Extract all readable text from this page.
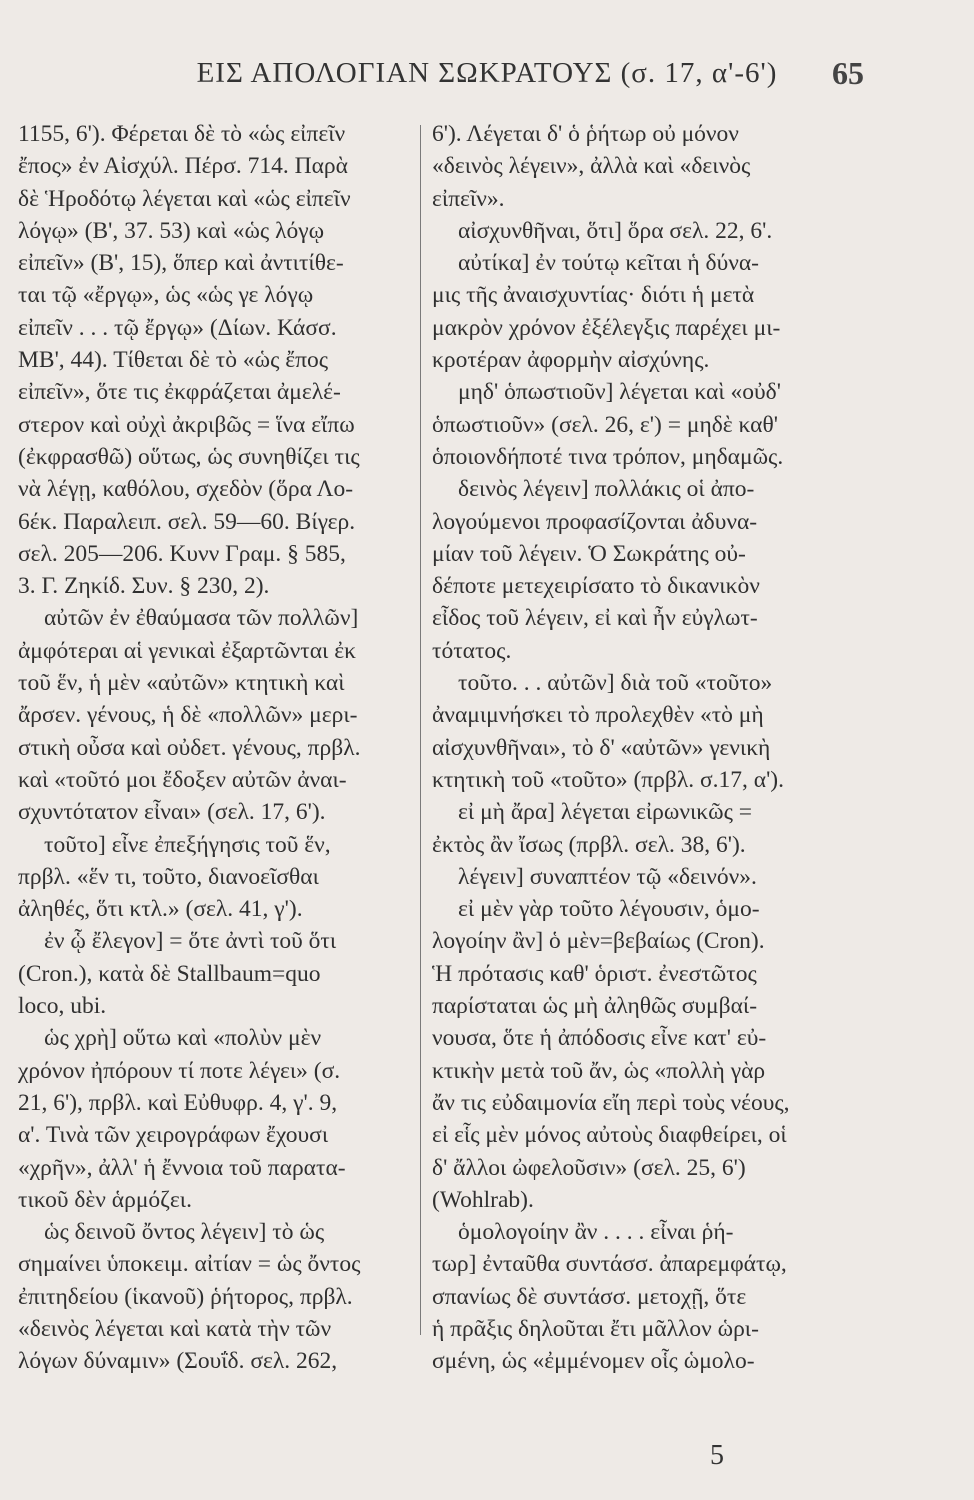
ΕΙΣ ΑΠΟΛΟΓΙΑΝ ΣΩΚΡΑΤΟΥΣ (σ. 17, α'-6') 65
1155, 6'). Φέρεται δὲ τὸ «ὡς εἰπεῖν
ἔπος» ἐν Αἰσχύλ. Πέρσ. 714. Παρὰ
δὲ Ἡροδότῳ λέγεται καὶ «ὡς εἰπεῖν
λόγῳ» (Β', 37. 53) καὶ «ὡς λόγῳ
εἰπεῖν» (Β', 15), ὅπερ καὶ ἀντιτίθε-
ται τῷ «ἔργῳ», ὡς «ὡς γε λόγῳ
εἰπεῖν . . . τῷ ἔργῳ» (Δίων. Κάσσ.
ΜΒ', 44). Τίθεται δὲ τὸ «ὡς ἔπος
εἰπεῖν», ὅτε τις ἐκφράζεται ἀμελέ-
στερον καὶ οὐχὶ ἀκριβῶς = ἵνα εἴπω
(ἐκφρασθῶ) οὕτως, ὡς συνηθίζει τις
νὰ λέγῃ, καθόλου, σχεδὸν (ὅρα Λο-
6έκ. Παραλειπ. σελ. 59—60. Βίγερ.
σελ. 205—206. Κυνν Γραμ. § 585,
3. Γ. Ζηκίδ. Συν. § 230, 2).
αὐτῶν ἐν ἐθαύμασα τῶν πολλῶν]
ἀμφότεραι αἱ γενικαὶ ἐξαρτῶνται ἐκ
τοῦ ἕν, ἡ μὲν «αὐτῶν» κτητικὴ καὶ
ἄρσεν. γένους, ἡ δὲ «πολλῶν» μερι-
στικὴ οὖσα καὶ οὐδετ. γένους, πρβλ.
καὶ «τοῦτό μοι ἔδοξεν αὐτῶν ἀναι-
σχυντότατον εἶναι» (σελ. 17, 6').
τοῦτο] εἶνε ἐπεξήγησις τοῦ ἕν,
πρβλ. «ἕν τι, τοῦτο, διανοεῖσθαι
ἀληθές, ὅτι κτλ.» (σελ. 41, γ').
ἐν ᾧ ἔλεγον] = ὅτε ἀντὶ τοῦ ὅτι
(Cron.), κατὰ δὲ Stallbaum=quo
loco, ubi.
ὡς χρὴ] οὕτω καὶ «πολὺν μὲν
χρόνον ἠπόρουν τί ποτε λέγει» (σ.
21, 6'), πρβλ. καὶ Εὐθυφρ. 4, γ'. 9,
α'. Τινὰ τῶν χειρογράφων ἔχουσι
«χρῆν», ἀλλ' ἡ ἔννοια τοῦ παρατα-
τικοῦ δὲν ἁρμόζει.
ὡς δεινοῦ ὄντος λέγειν] τὸ ὡς
σημαίνει ὑποκειμ. αἰτίαν = ὡς ὄντος
ἐπιτηδείου (ἱκανοῦ) ῥήτορος, πρβλ.
«δεινὸς λέγεται καὶ κατὰ τὴν τῶν
λόγων δύναμιν» (Σουΐδ. σελ. 262,
6'). Λέγεται δ' ὁ ῥήτωρ οὐ μόνον
«δεινὸς λέγειν», ἀλλὰ καὶ «δεινὸς
εἰπεῖν».
αἰσχυνθῆναι, ὅτι] ὅρα σελ. 22, 6'.
αὐτίκα] ἐν τούτῳ κεῖται ἡ δύνα-
μις τῆς ἀναισχυντίας· διότι ἡ μετὰ
μακρὸν χρόνον ἐξέλεγξις παρέχει μι-
κροτέραν ἀφορμὴν αἰσχύνης.
μηδ' ὁπωστιοῦν] λέγεται καὶ «οὐδ'
ὁπωστιοῦν» (σελ. 26, ε') = μηδὲ καθ'
ὁποιονδήποτέ τινα τρόπον, μηδαμῶς.
δεινὸς λέγειν] πολλάκις οἱ ἀπο-
λογούμενοι προφασίζονται ἀδυνα-
μίαν τοῦ λέγειν. Ὁ Σωκράτης οὐ-
δέποτε μετεχειρίσατο τὸ δικανικὸν
εἶδος τοῦ λέγειν, εἰ καὶ ἦν εὐγλωτ-
τότατος.
τοῦτο. . . αὐτῶν] διὰ τοῦ «τοῦτο»
ἀναμιμνήσκει τὸ προλεχθὲν «τὸ μὴ
αἰσχυνθῆναι», τὸ δ' «αὐτῶν» γενικὴ
κτητικὴ τοῦ «τοῦτο» (πρβλ. σ.17, α').
εἰ μὴ ἄρα] λέγεται εἰρωνικῶς =
ἐκτὸς ἂν ἴσως (πρβλ. σελ. 38, 6').
λέγειν] συναπτέον τῷ «δεινόν».
εἰ μὲν γὰρ τοῦτο λέγουσιν, ὁμο-
λογοίην ἂν] ὁ μὲν=βεβαίως (Cron).
Ἡ πρότασις καθ' ὁριστ. ἐνεστῶτος
παρίσταται ὡς μὴ ἀληθῶς συμβαί-
νουσα, ὅτε ἡ ἀπόδοσις εἶνε κατ' εὐ-
κτικὴν μετὰ τοῦ ἄν, ὡς «πολλὴ γὰρ
ἄν τις εὐδαιμονία εἴη περὶ τοὺς νέους,
εἰ εἷς μὲν μόνος αὐτοὺς διαφθείρει, οἱ
δ' ἄλλοι ὠφελοῦσιν» (σελ. 25, 6')
(Wohlrab).
ὁμολογοίην ἂν . . . . εἶναι ῥή-
τωρ] ἐνταῦθα συντάσσ. ἀπαρεμφάτῳ,
σπανίως δὲ συντάσσ. μετοχῇ, ὅτε
ἡ πρᾶξις δηλοῦται ἔτι μᾶλλον ὡρι-
σμένη, ὡς «ἐμμένομεν οἷς ὡμολο-
5
